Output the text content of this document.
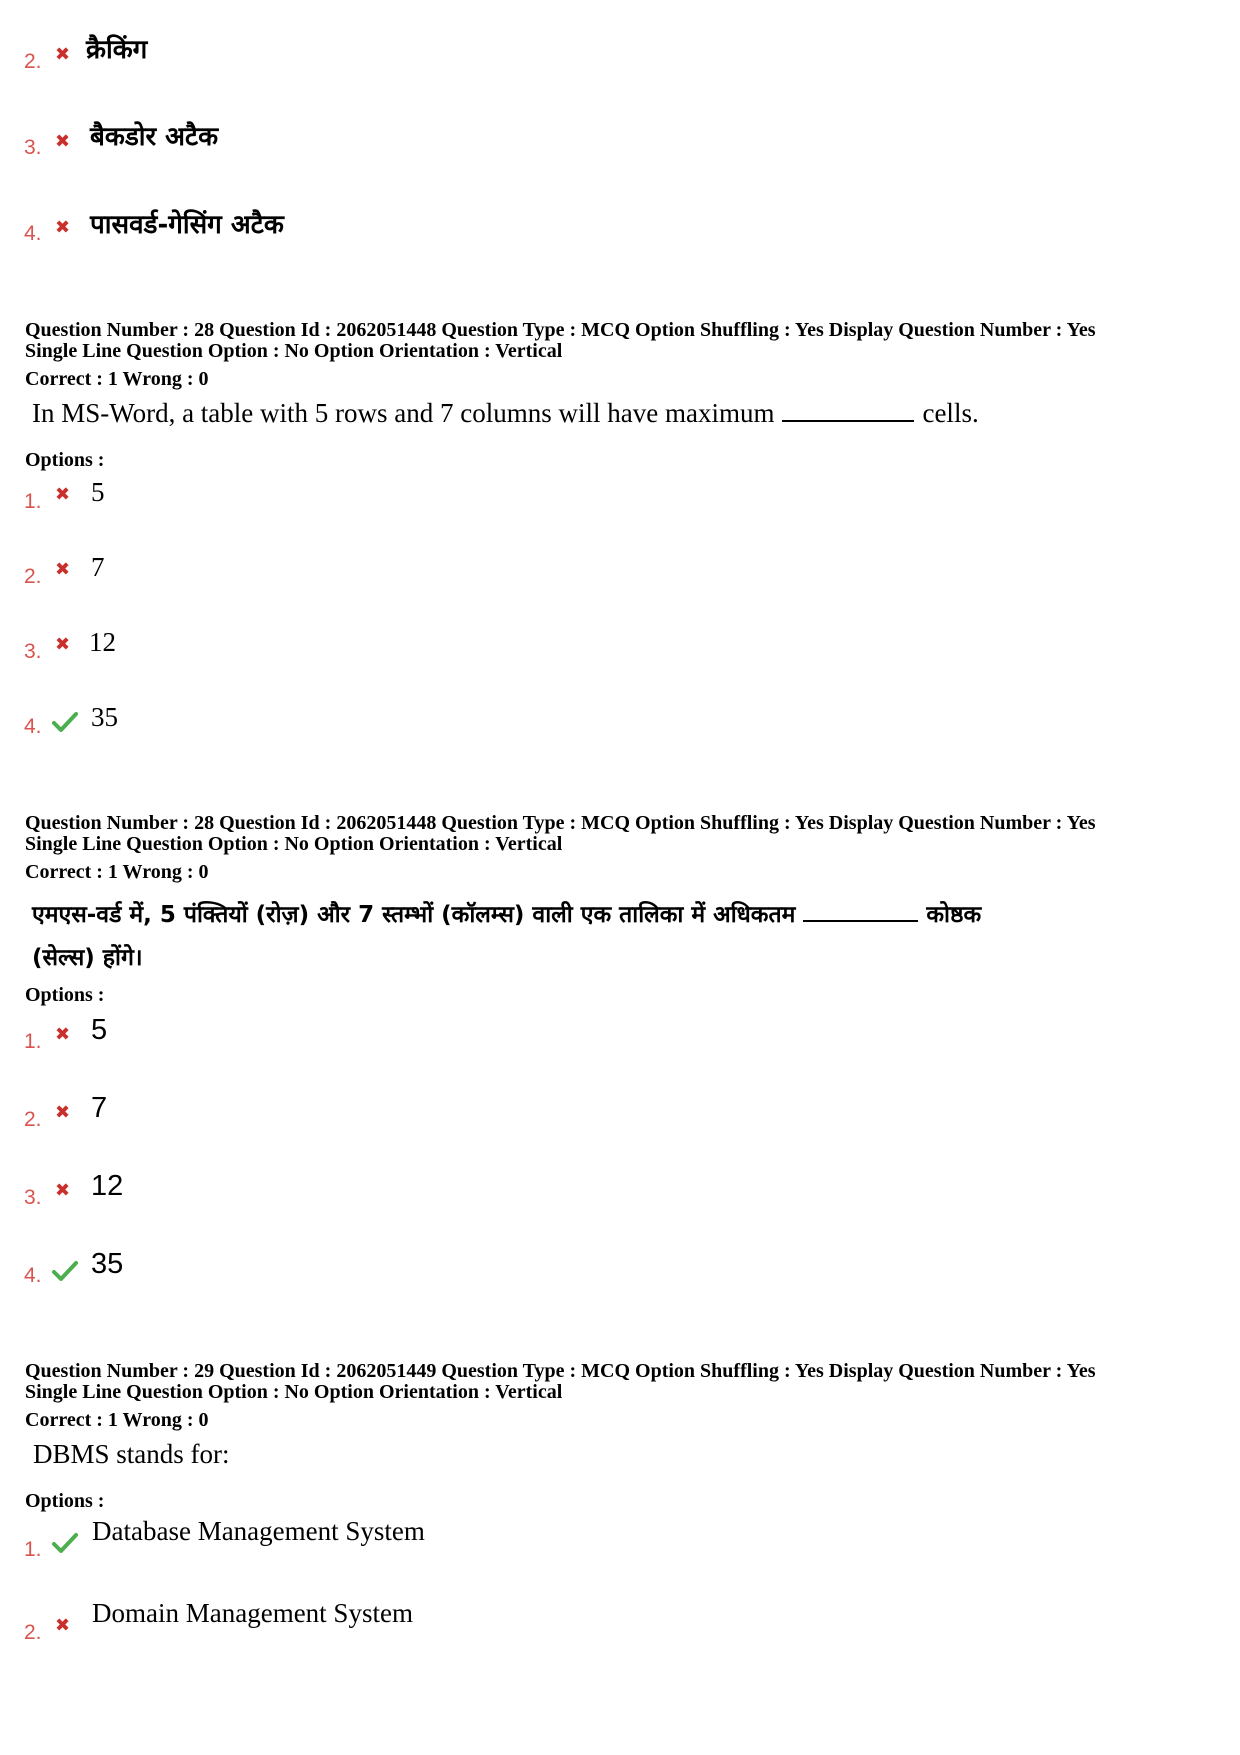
2. ✖ क्रैकिंग
3. ✖ बैकडोर अटैक
4. ✖ पासवर्ड-गेसिंग अटैक
Question Number : 28 Question Id : 2062051448 Question Type : MCQ Option Shuffling : Yes Display Question Number : Yes
Single Line Question Option : No Option Orientation : Vertical
Correct : 1 Wrong : 0
In MS-Word, a table with 5 rows and 7 columns will have maximum	cells.
Options :
1. ✖ 5
2. ✖ 7
3. ✖ 12
4. 35
Question Number : 28 Question Id : 2062051448 Question Type : MCQ Option Shuffling : Yes Display Question Number : Yes
Single Line Question Option : No Option Orientation : Vertical
Correct : 1 Wrong : 0
एमएस-वर्ड में, 5 पंक्तियों (रोज़) और 7 स्तम्भों (कॉलम्स) वाली एक तालिका में अधिकतम	कोष्ठक
(सेल्स) होंगे।
Options :
1. ✖ 5
2. ✖ 7
3. ✖ 12
4. 35
Question Number : 29 Question Id : 2062051449 Question Type : MCQ Option Shuffling : Yes Display Question Number : Yes
Single Line Question Option : No Option Orientation : Vertical
Correct : 1 Wrong : 0
DBMS stands for:
Options :
1.
Database Management System
2. ✖ Domain Management System
